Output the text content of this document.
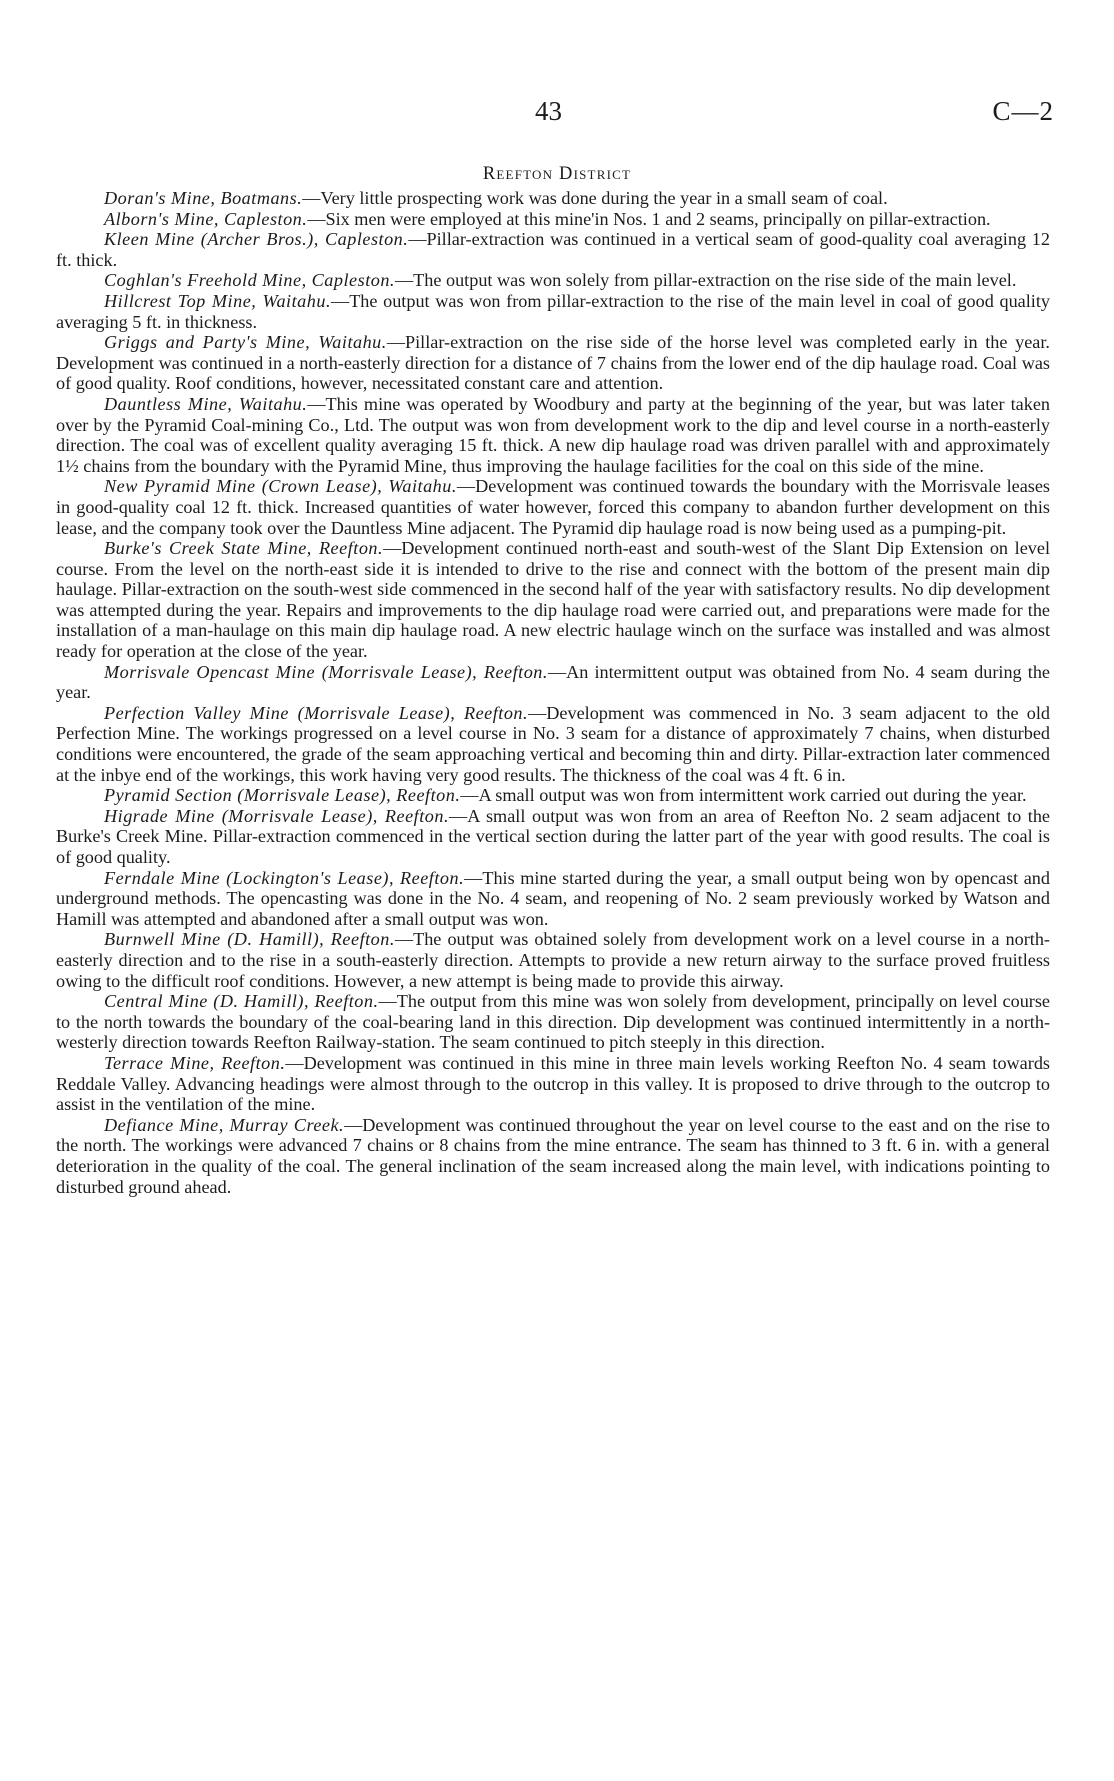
43	C—2
Reefton District

Doran's Mine, Boatmans.—Very little prospecting work was done during the year in a small seam of coal.

Alborn's Mine, Capleston.—Six men were employed at this mine'in Nos. 1 and 2 seams, principally on pillar-extraction.

Kleen Mine (Archer Bros.), Capleston.—Pillar-extraction was continued in a vertical seam of good-quality coal averaging 12 ft. thick.

Coghlan's Freehold Mine, Capleston.—The output was won solely from pillar-extraction on the rise side of the main level.

Hillcrest Top Mine, Waitahu.—The output was won from pillar-extraction to the rise of the main level in coal of good quality averaging 5 ft. in thickness.

Griggs and Party's Mine, Waitahu.—Pillar-extraction on the rise side of the horse level was completed early in the year. Development was continued in a north-easterly direction for a distance of 7 chains from the lower end of the dip haulage road. Coal was of good quality. Roof conditions, however, necessitated constant care and attention.

Dauntless Mine, Waitahu.—This mine was operated by Woodbury and party at the beginning of the year, but was later taken over by the Pyramid Coal-mining Co., Ltd. The output was won from development work to the dip and level course in a north-easterly direction. The coal was of excellent quality averaging 15 ft. thick. A new dip haulage road was driven parallel with and approximately 1½ chains from the boundary with the Pyramid Mine, thus improving the haulage facilities for the coal on this side of the mine.

New Pyramid Mine (Crown Lease), Waitahu.—Development was continued towards the boundary with the Morrisvale leases in good-quality coal 12 ft. thick. Increased quantities of water however, forced this company to abandon further development on this lease, and the company took over the Dauntless Mine adjacent. The Pyramid dip haulage road is now being used as a pumping-pit.

Burke's Creek State Mine, Reefton.—Development continued north-east and south-west of the Slant Dip Extension on level course. From the level on the north-east side it is intended to drive to the rise and connect with the bottom of the present main dip haulage. Pillar-extraction on the south-west side commenced in the second half of the year with satisfactory results. No dip development was attempted during the year. Repairs and improvements to the dip haulage road were carried out, and preparations were made for the installation of a man-haulage on this main dip haulage road. A new electric haulage winch on the surface was installed and was almost ready for operation at the close of the year.

Morrisvale Opencast Mine (Morrisvale Lease), Reefton.—An intermittent output was obtained from No. 4 seam during the year.

Perfection Valley Mine (Morrisvale Lease), Reefton.—Development was commenced in No. 3 seam adjacent to the old Perfection Mine. The workings progressed on a level course in No. 3 seam for a distance of approximately 7 chains, when disturbed conditions were encountered, the grade of the seam approaching vertical and becoming thin and dirty. Pillar-extraction later commenced at the inbye end of the workings, this work having very good results. The thickness of the coal was 4 ft. 6 in.

Pyramid Section (Morrisvale Lease), Reefton.—A small output was won from intermittent work carried out during the year.

Higrade Mine (Morrisvale Lease), Reefton.—A small output was won from an area of Reefton No. 2 seam adjacent to the Burke's Creek Mine. Pillar-extraction commenced in the vertical section during the latter part of the year with good results. The coal is of good quality.

Ferndale Mine (Lockington's Lease), Reefton.—This mine started during the year, a small output being won by opencast and underground methods. The opencasting was done in the No. 4 seam, and reopening of No. 2 seam previously worked by Watson and Hamill was attempted and abandoned after a small output was won.

Burnwell Mine (D. Hamill), Reefton.—The output was obtained solely from development work on a level course in a north-easterly direction and to the rise in a south-easterly direction. Attempts to provide a new return airway to the surface proved fruitless owing to the difficult roof conditions. However, a new attempt is being made to provide this airway.

Central Mine (D. Hamill), Reefton.—The output from this mine was won solely from development, principally on level course to the north towards the boundary of the coal-bearing land in this direction. Dip development was continued intermittently in a north-westerly direction towards Reefton Railway-station. The seam continued to pitch steeply in this direction.

Terrace Mine, Reefton.—Development was continued in this mine in three main levels working Reefton No. 4 seam towards Reddale Valley. Advancing headings were almost through to the outcrop in this valley. It is proposed to drive through to the outcrop to assist in the ventilation of the mine.

Defiance Mine, Murray Creek.—Development was continued throughout the year on level course to the east and on the rise to the north. The workings were advanced 7 chains or 8 chains from the mine entrance. The seam has thinned to 3 ft. 6 in. with a general deterioration in the quality of the coal. The general inclination of the seam increased along the main level, with indications pointing to disturbed ground ahead.
